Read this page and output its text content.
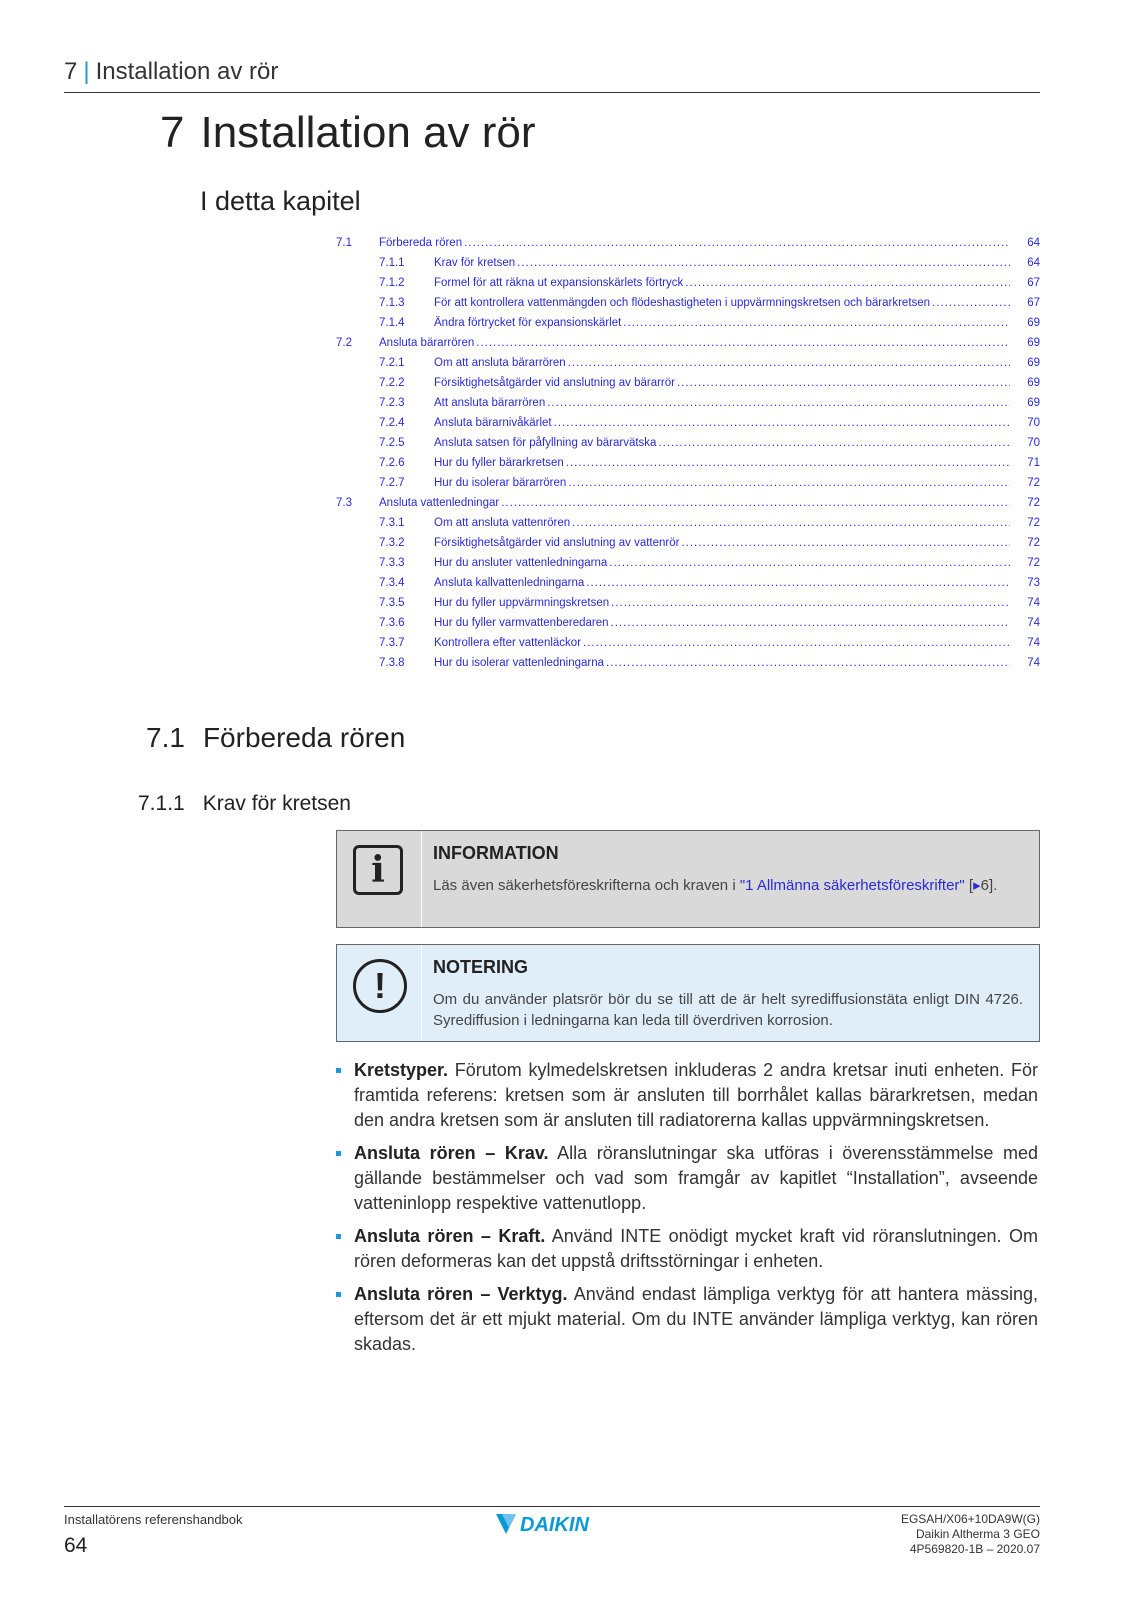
7 | Installation av rör
7 Installation av rör
I detta kapitel
7.1 Förbereda rören .....	64
7.1.1	Krav för kretsen .....	64
7.1.2	Formel för att räkna ut expansionskärlets förtryck .....	67
7.1.3	För att kontrollera vattenmängden och flödeshastigheten i uppvärmningskretsen och bärarkretsen .....	67
7.1.4	Ändra förtrycket för expansionskärlet .....	69
7.2 Ansluta bärarrören .....	69
7.2.1	Om att ansluta bärarrören .....	69
7.2.2	Försiktighetsåtgärder vid anslutning av bärarrör .....	69
7.2.3	Att ansluta bärarrören .....	69
7.2.4	Ansluta bärarnivåkärlet .....	70
7.2.5	Ansluta satsen för påfyllning av bärarvätska .....	70
7.2.6	Hur du fyller bärarkretsen .....	71
7.2.7	Hur du isolerar bärarrören .....	72
7.3 Ansluta vattenledningar .....	72
7.3.1	Om att ansluta vattenrören .....	72
7.3.2	Försiktighetsåtgärder vid anslutning av vattenrör .....	72
7.3.3	Hur du ansluter vattenledningarna .....	72
7.3.4	Ansluta kallvattenledningarna .....	73
7.3.5	Hur du fyller uppvärmningskretsen .....	74
7.3.6	Hur du fyller varmvattenberedaren .....	74
7.3.7	Kontrollera efter vattenläckor .....	74
7.3.8	Hur du isolerar vattenledningarna .....	74
7.1 Förbereda rören
7.1.1 Krav för kretsen
i	INFORMATION
Läs även säkerhetsföreskrifterna och kraven i "1 Allmänna säkerhetsföreskrifter" [▸6].
!	NOTERING
Om du använder platsrör bör du se till att de är helt syrediffusionstäta enligt DIN 4726. Syrediffusion i ledningarna kan leda till överdriven korrosion.
Kretstyper. Förutom kylmedelskretsen inkluderas 2 andra kretsar inuti enheten. För framtida referens: kretsen som är ansluten till borrhålet kallas bärarkretsen, medan den andra kretsen som är ansluten till radiatorerna kallas uppvärmningskretsen.
Ansluta rören – Krav. Alla röranslutningar ska utföras i överensstämmelse med gällande bestämmelser och vad som framgår av kapitlet “Installation”, avseende vatteninlopp respektive vattenutlopp.
Ansluta rören – Kraft. Använd INTE onödigt mycket kraft vid röranslutningen. Om rören deformeras kan det uppstå driftsstörningar i enheten.
Ansluta rören – Verktyg. Använd endast lämpliga verktyg för att hantera mässing, eftersom det är ett mjukt material. Om du INTE använder lämpliga verktyg, kan rören skadas.
Installatörens referenshandbok
64
DAIKIN	EGSAH/X06+10DA9W(G)
Daikin Altherma 3 GEO
4P569820-1B – 2020.07
